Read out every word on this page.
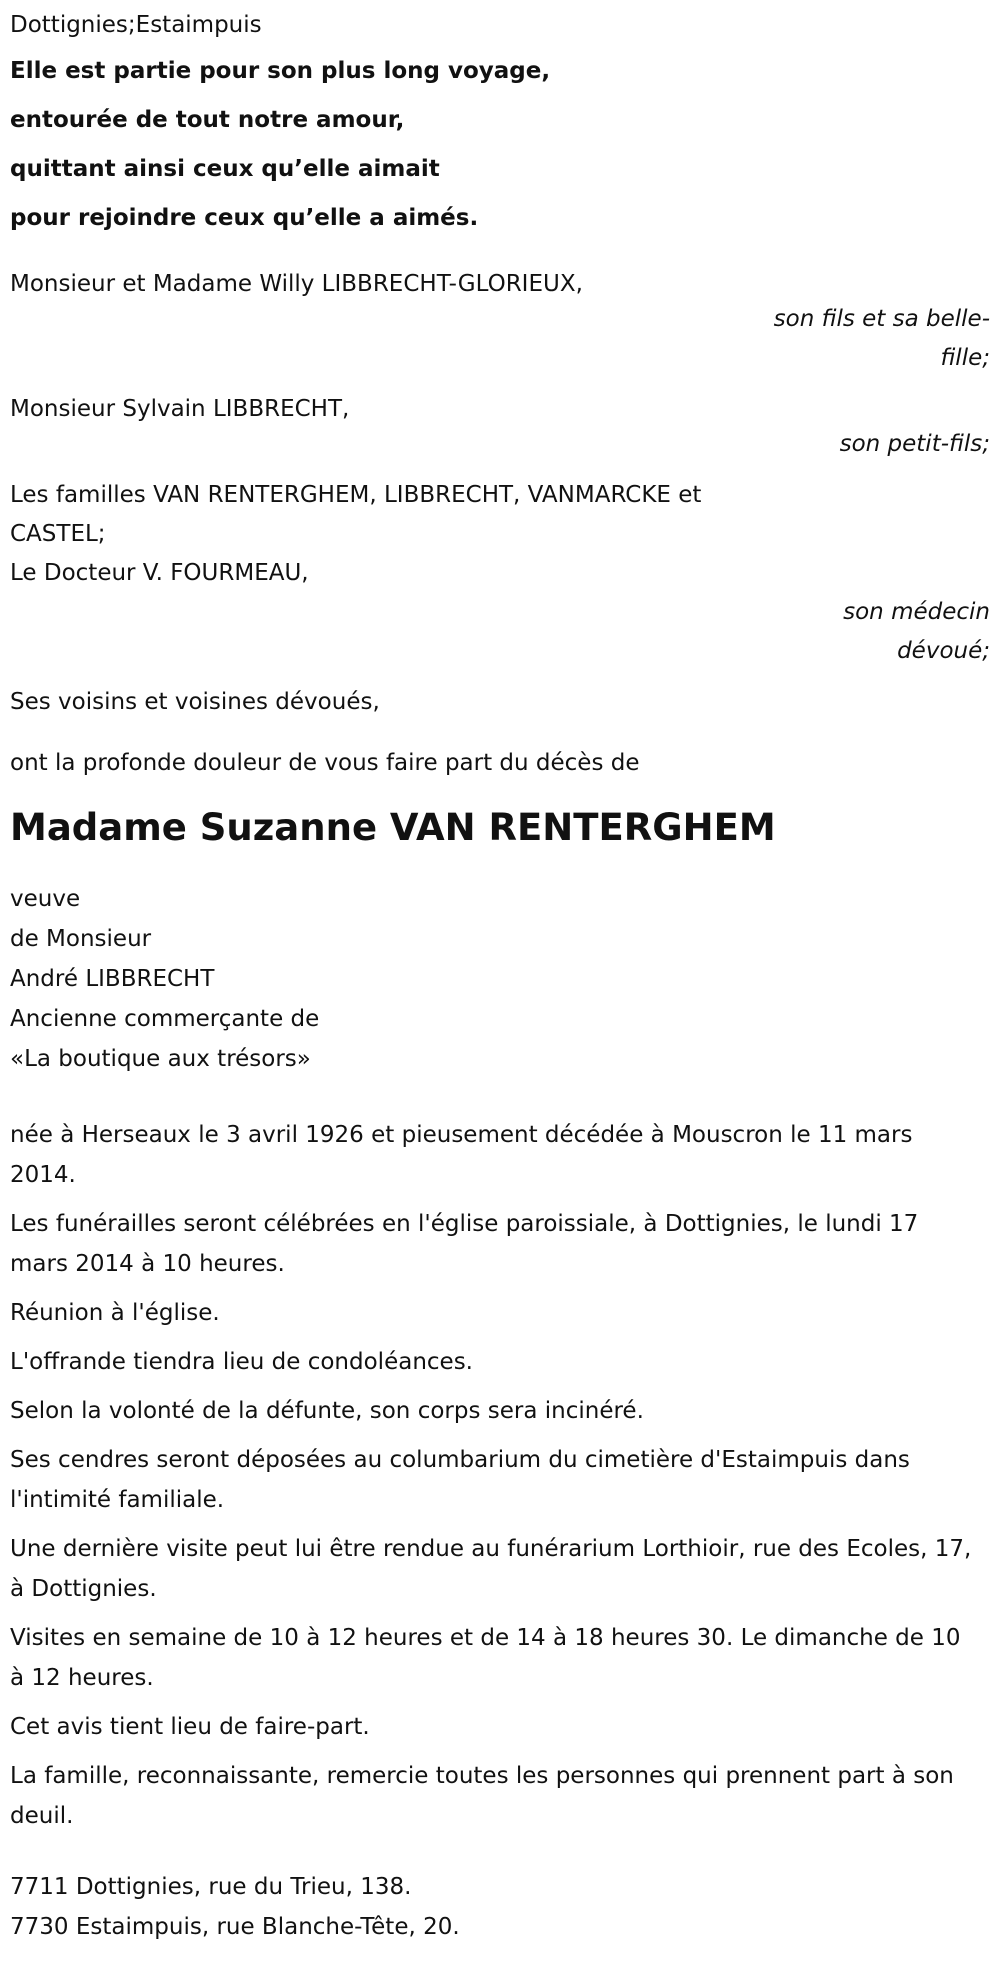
Dottignies;Estaimpuis
Elle est partie pour son plus long voyage,
entourée de tout notre amour,
quittant ainsi ceux qu’elle aimait
pour rejoindre ceux qu’elle a aimés.
Monsieur et Madame Willy LIBBRECHT-GLORIEUX,
son fils et sa belle-fille;
Monsieur Sylvain LIBBRECHT,
son petit-fils;
Les familles VAN RENTERGHEM, LIBBRECHT, VANMARCKE et CASTEL;
Le Docteur V. FOURMEAU,
son médecin dévoué;
Ses voisins et voisines dévoués,
ont la profonde douleur de vous faire part du décès de
Madame Suzanne VAN RENTERGHEM
veuve
de Monsieur
André LIBBRECHT
Ancienne commerçante de
«La boutique aux trésors»
née à Herseaux le 3 avril 1926 et pieusement décédée à Mouscron le 11 mars 2014.
Les funérailles seront célébrées en l'église paroissiale, à Dottignies, le lundi 17 mars 2014 à 10 heures.
Réunion à l'église.
L'offrande tiendra lieu de condoléances.
Selon la volonté de la défunte, son corps sera incinéré.
Ses cendres seront déposées au columbarium du cimetière d'Estaimpuis dans l'intimité familiale.
Une dernière visite peut lui être rendue au funérarium Lorthioir, rue des Ecoles, 17, à Dottignies.
Visites en semaine de 10 à 12 heures et de 14 à 18 heures 30. Le dimanche de 10 à 12 heures.
Cet avis tient lieu de faire-part.
La famille, reconnaissante, remercie toutes les personnes qui prennent part à son deuil.
7711 Dottignies, rue du Trieu, 138.
7730 Estaimpuis, rue Blanche-Tête, 20.
